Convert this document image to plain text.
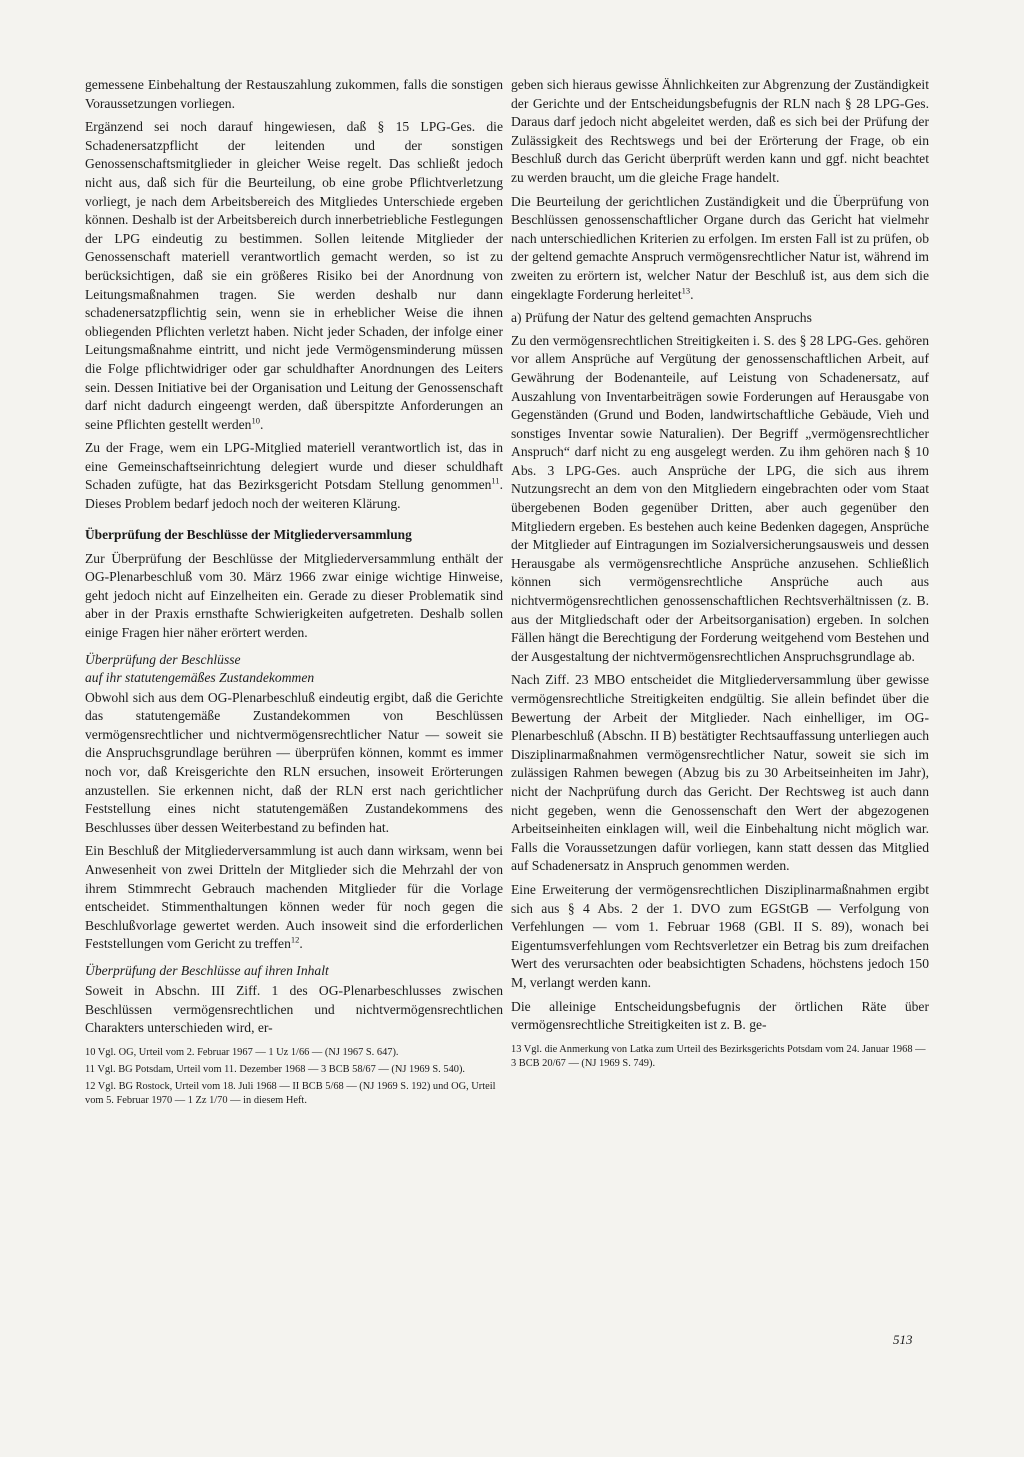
gemessene Einbehaltung der Restauszahlung zukommen, falls die sonstigen Voraussetzungen vorliegen.

Ergänzend sei noch darauf hingewiesen, daß § 15 LPG-Ges. die Schadenersatzpflicht der leitenden und der sonstigen Genossenschaftsmitglieder in gleicher Weise regelt. Das schließt jedoch nicht aus, daß sich für die Beurteilung, ob eine grobe Pflichtverletzung vorliegt, je nach dem Arbeitsbereich des Mitgliedes Unterschiede ergeben können. Deshalb ist der Arbeitsbereich durch innerbetriebliche Festlegungen der LPG eindeutig zu bestimmen. Sollen leitende Mitglieder der Genossenschaft materiell verantwortlich gemacht werden, so ist zu berücksichtigen, daß sie ein größeres Risiko bei der Anordnung von Leitungsmaßnahmen tragen. Sie werden deshalb nur dann schadenersatzpflichtig sein, wenn sie in erheblicher Weise die ihnen obliegenden Pflichten verletzt haben. Nicht jeder Schaden, der infolge einer Leitungsmaßnahme eintritt, und nicht jede Vermögensminderung müssen die Folge pflichtwidriger oder gar schuldhafter Anordnungen des Leiters sein. Dessen Initiative bei der Organisation und Leitung der Genossenschaft darf nicht dadurch eingeengt werden, daß überspitzte Anforderungen an seine Pflichten gestellt werden$^{10}$.

Zu der Frage, wem ein LPG-Mitglied materiell verantwortlich ist, das in eine Gemeinschaftseinrichtung delegiert wurde und dieser schuldhaft Schaden zufügte, hat das Bezirksgericht Potsdam Stellung genommen$^{11}$. Dieses Problem bedarf jedoch noch der weiteren Klärung.

Überprüfung der Beschlüsse der Mitgliederversammlung

Zur Überprüfung der Beschlüsse der Mitgliederversammlung enthält der OG-Plenarbeschluß vom 30. März 1966 zwar einige wichtige Hinweise, geht jedoch nicht auf Einzelheiten ein. Gerade zu dieser Problematik sind aber in der Praxis ernsthafte Schwierigkeiten aufgetreten. Deshalb sollen einige Fragen hier näher erörtert werden.

Überprüfung der Beschlüsse
auf ihr statutengemäßes Zustandekommen

Obwohl sich aus dem OG-Plenarbeschluß eindeutig ergibt, daß die Gerichte das statutengemäße Zustandekommen von Beschlüssen vermögensrechtlicher und nichtvermögensrechtlicher Natur — soweit sie die Anspruchsgrundlage berühren — überprüfen können, kommt es immer noch vor, daß Kreisgerichte den RLN ersuchen, insoweit Erörterungen anzustellen. Sie erkennen nicht, daß der RLN erst nach gerichtlicher Feststellung eines nicht statutengemäßen Zustandekommens des Beschlusses über dessen Weiterbestand zu befinden hat.

Ein Beschluß der Mitgliederversammlung ist auch dann wirksam, wenn bei Anwesenheit von zwei Dritteln der Mitglieder sich die Mehrzahl der von ihrem Stimmrecht Gebrauch machenden Mitglieder für die Vorlage entscheidet. Stimmenthaltungen können weder für noch gegen die Beschlußvorlage gewertet werden. Auch insoweit sind die erforderlichen Feststellungen vom Gericht zu treffen$^{12}$.

Überprüfung der Beschlüsse auf ihren Inhalt

Soweit in Abschn. III Ziff. 1 des OG-Plenarbeschlusses zwischen Beschlüssen vermögensrechtlichen und nichtvermögensrechtlichen Charakters unterschieden wird, er-

10 Vgl. OG, Urteil vom 2. Februar 1967 — 1 Uz 1/66 — (NJ 1967 S. 647).
11 Vgl. BG Potsdam, Urteil vom 11. Dezember 1968 — 3 BCB 58/67 — (NJ 1969 S. 540).
12 Vgl. BG Rostock, Urteil vom 18. Juli 1968 — II BCB 5/68 — (NJ 1969 S. 192) und OG, Urteil vom 5. Februar 1970 — 1 Zz 1/70 — in diesem Heft.

geben sich hieraus gewisse Ähnlichkeiten zur Abgrenzung der Zuständigkeit der Gerichte und der Entscheidungsbefugnis der RLN nach § 28 LPG-Ges. Daraus darf jedoch nicht abgeleitet werden, daß es sich bei der Prüfung der Zulässigkeit des Rechtswegs und bei der Erörterung der Frage, ob ein Beschluß durch das Gericht überprüft werden kann und ggf. nicht beachtet zu werden braucht, um die gleiche Frage handelt.

Die Beurteilung der gerichtlichen Zuständigkeit und die Überprüfung von Beschlüssen genossenschaftlicher Organe durch das Gericht hat vielmehr nach unterschiedlichen Kriterien zu erfolgen. Im ersten Fall ist zu prüfen, ob der geltend gemachte Anspruch vermögensrechtlicher Natur ist, während im zweiten zu erörtern ist, welcher Natur der Beschluß ist, aus dem sich die eingeklagte Forderung herleitet$^{13}$.

a) Prüfung der Natur des geltend gemachten Anspruchs

Zu den vermögensrechtlichen Streitigkeiten i. S. des § 28 LPG-Ges. gehören vor allem Ansprüche auf Vergütung der genossenschaftlichen Arbeit, auf Gewährung der Bodenanteile, auf Leistung von Schadenersatz, auf Auszahlung von Inventarbeiträgen sowie Forderungen auf Herausgabe von Gegenständen (Grund und Boden, landwirtschaftliche Gebäude, Vieh und sonstiges Inventar sowie Naturalien). Der Begriff „vermögensrechtlicher Anspruch“ darf nicht zu eng ausgelegt werden. Zu ihm gehören nach § 10 Abs. 3 LPG-Ges. auch Ansprüche der LPG, die sich aus ihrem Nutzungsrecht an dem von den Mitgliedern eingebrachten oder vom Staat übergebenen Boden gegenüber Dritten, aber auch gegenüber den Mitgliedern ergeben. Es bestehen auch keine Bedenken dagegen, Ansprüche der Mitglieder auf Eintragungen im Sozialversicherungsausweis und dessen Herausgabe als vermögensrechtliche Ansprüche anzusehen. Schließlich können sich vermögensrechtliche Ansprüche auch aus nichtvermögensrechtlichen genossenschaftlichen Rechtsverhältnissen (z. B. aus der Mitgliedschaft oder der Arbeitsorganisation) ergeben. In solchen Fällen hängt die Berechtigung der Forderung weitgehend vom Bestehen und der Ausgestaltung der nichtvermögensrechtlichen Anspruchsgrundlage ab.

Nach Ziff. 23 MBO entscheidet die Mitgliederversammlung über gewisse vermögensrechtliche Streitigkeiten endgültig. Sie allein befindet über die Bewertung der Arbeit der Mitglieder. Nach einhelliger, im OG-Plenarbeschluß (Abschn. II B) bestätigter Rechtsauffassung unterliegen auch Disziplinarmaßnahmen vermögensrechtlicher Natur, soweit sie sich im zulässigen Rahmen bewegen (Abzug bis zu 30 Arbeitseinheiten im Jahr), nicht der Nachprüfung durch das Gericht. Der Rechtsweg ist auch dann nicht gegeben, wenn die Genossenschaft den Wert der abgezogenen Arbeitseinheiten einklagen will, weil die Einbehaltung nicht möglich war. Falls die Voraussetzungen dafür vorliegen, kann statt dessen das Mitglied auf Schadenersatz in Anspruch genommen werden.

Eine Erweiterung der vermögensrechtlichen Disziplinarmaßnahmen ergibt sich aus § 4 Abs. 2 der 1. DVO zum EGStGB — Verfolgung von Verfehlungen — vom 1. Februar 1968 (GBl. II S. 89), wonach bei Eigentumsverfehlungen vom Rechtsverletzer ein Betrag bis zum dreifachen Wert des verursachten oder beabsichtigten Schadens, höchstens jedoch 150 M, verlangt werden kann.

Die alleinige Entscheidungsbefugnis der örtlichen Räte über vermögensrechtliche Streitigkeiten ist z. B. ge-

13 Vgl. die Anmerkung von Latka zum Urteil des Bezirksgerichts Potsdam vom 24. Januar 1968 — 3 BCB 20/67 — (NJ 1969 S. 749).
513
